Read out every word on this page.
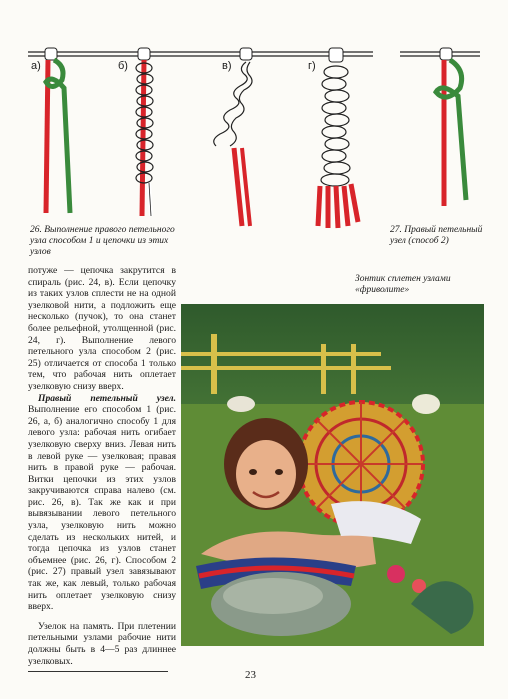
а)	б)	в)	г)
26. Выполнение правого петельного узла способом 1 и цепочки из этих узлов
27. Правый петельный узел (способ 2)

потуже — цепочка закрутится в спираль (рис. 24, в). Если цепочку из таких узлов сплести не на одной узелковой нити, а подложить еще несколько (пучок), то она станет более рельефной, утолщенной (рис. 24, г). Выполнение левого петельного узла способом 2 (рис. 25) отличается от способа 1 только тем, что рабочая нить оплетает узелковую снизу вверх.

Правый петельный узел. Выполнение его способом 1 (рис. 26, а, б) аналогично способу 1 для левого узла: рабочая нить огибает узелковую сверху вниз. Левая нить в левой руке — узелковая; правая нить в правой руке — рабочая. Витки цепочки из этих узлов закручиваются справа налево (см. рис. 26, в). Так же как и при вывязывании левого петельного узла, узелковую нить можно сделать из нескольких нитей, и тогда цепочка из узлов станет объемнее (рис. 26, г). Способом 2 (рис. 27) правый узел завязывают так же, как левый, только рабочая нить оплетает узелковую снизу вверх.

Узелок на память. При плетении петельными узлами рабочие нити должны быть в 4—5 раз длиннее узелковых.

Зонтик сплетен узлами «фриволите»
23
